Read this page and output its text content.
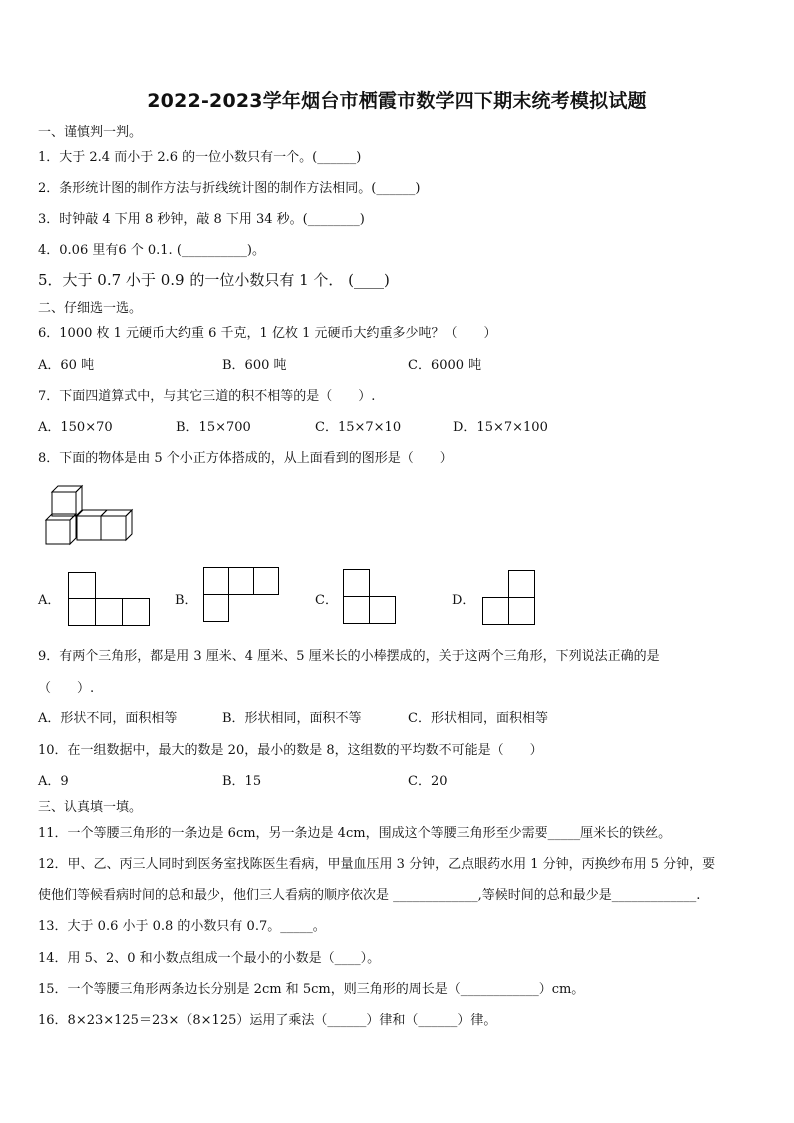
2022-2023学年烟台市栖霞市数学四下期末统考模拟试题
一、谨慎判一判。
1．大于 2.4 而小于 2.6 的一位小数只有一个。(______)
2．条形统计图的制作方法与折线统计图的制作方法相同。(______)
3．时钟敲 4 下用 8 秒钟，敲 8 下用 34 秒。(________)
4．0.06 里有6 个 0.1. (__________)。
5．大于 0.7 小于 0.9 的一位小数只有 1 个． (____)
二、仔细选一选。
6．1000 枚 1 元硬币大约重 6 千克，1 亿枚 1 元硬币大约重多少吨？（　　）
A．60 吨	B．600 吨	C．6000 吨
7．下面四道算式中，与其它三道的积不相等的是（　　）.
A．150×70	B．15×700	C．15×7×10	D．15×7×100
8．下面的物体是由 5 个小正方体搭成的，从上面看到的图形是（　　）
A．	B．	C．	D．
9．有两个三角形，都是用 3 厘米、4 厘米、5 厘米长的小棒摆成的，关于这两个三角形，下列说法正确的是
（　　）.
A．形状不同，面积相等	B．形状相同，面积不等	C．形状相同，面积相等
10．在一组数据中，最大的数是 20，最小的数是 8，这组数的平均数不可能是（　　）
A．9	B．15	C．20
三、认真填一填。
11．一个等腰三角形的一条边是 6cm，另一条边是 4cm，围成这个等腰三角形至少需要_____厘米长的铁丝。
12．甲、乙、丙三人同时到医务室找陈医生看病，甲量血压用 3 分钟，乙点眼药水用 1 分钟，丙换纱布用 5 分钟，要
使他们等候看病时间的总和最少，他们三人看病的顺序依次是 _____________,等候时间的总和最少是_____________.
13．大于 0.6 小于 0.8 的小数只有 0.7。_____。
14．用 5、2、0 和小数点组成一个最小的小数是（____）。
15．一个等腰三角形两条边长分别是 2cm 和 5cm，则三角形的周长是（____________）cm。
16．8×23×125＝23×（8×125）运用了乘法（______）律和（______）律。
